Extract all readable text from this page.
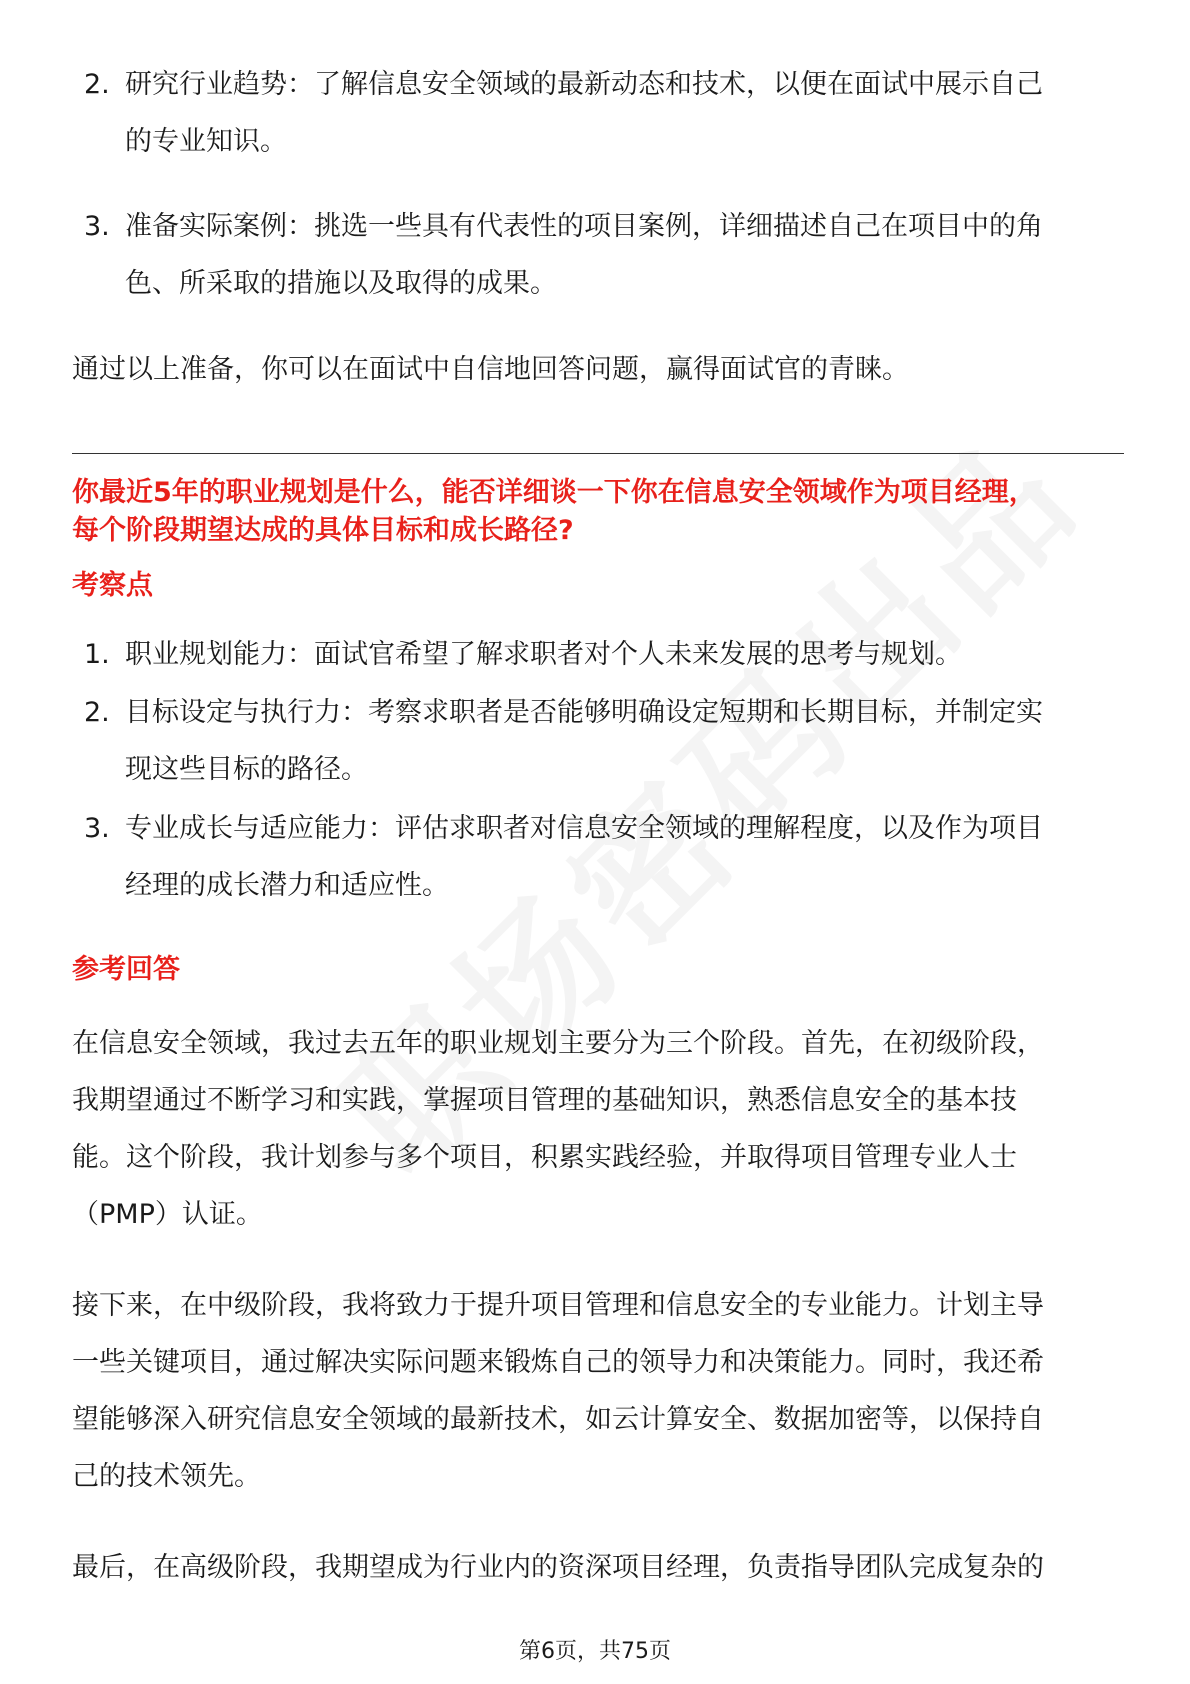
2. 研究行业趋势：了解信息安全领域的最新动态和技术，以便在面试中展示自己
的专业知识。
3. 准备实际案例：挑选一些具有代表性的项目案例，详细描述自己在项目中的角
色、所采取的措施以及取得的成果。
通过以上准备，你可以在面试中自信地回答问题，赢得面试官的青睐。
你最近5年的职业规划是什么，能否详细谈一下你在信息安全领域作为项目经理，
每个阶段期望达成的具体目标和成长路径?
考察点
1. 职业规划能力：面试官希望了解求职者对个人未来发展的思考与规划。
2. 目标设定与执行力：考察求职者是否能够明确设定短期和长期目标，并制定实
现这些目标的路径。
3. 专业成长与适应能力：评估求职者对信息安全领域的理解程度，以及作为项目
经理的成长潜力和适应性。
参考回答
在信息安全领域，我过去五年的职业规划主要分为三个阶段。首先，在初级阶段，
我期望通过不断学习和实践，掌握项目管理的基础知识，熟悉信息安全的基本技
能。这个阶段，我计划参与多个项目，积累实践经验，并取得项目管理专业人士
（PMP）认证。
接下来，在中级阶段，我将致力于提升项目管理和信息安全的专业能力。计划主导
一些关键项目，通过解决实际问题来锻炼自己的领导力和决策能力。同时，我还希
望能够深入研究信息安全领域的最新技术，如云计算安全、数据加密等，以保持自
己的技术领先。
最后，在高级阶段，我期望成为行业内的资深项目经理，负责指导团队完成复杂的
第6页，共75页
